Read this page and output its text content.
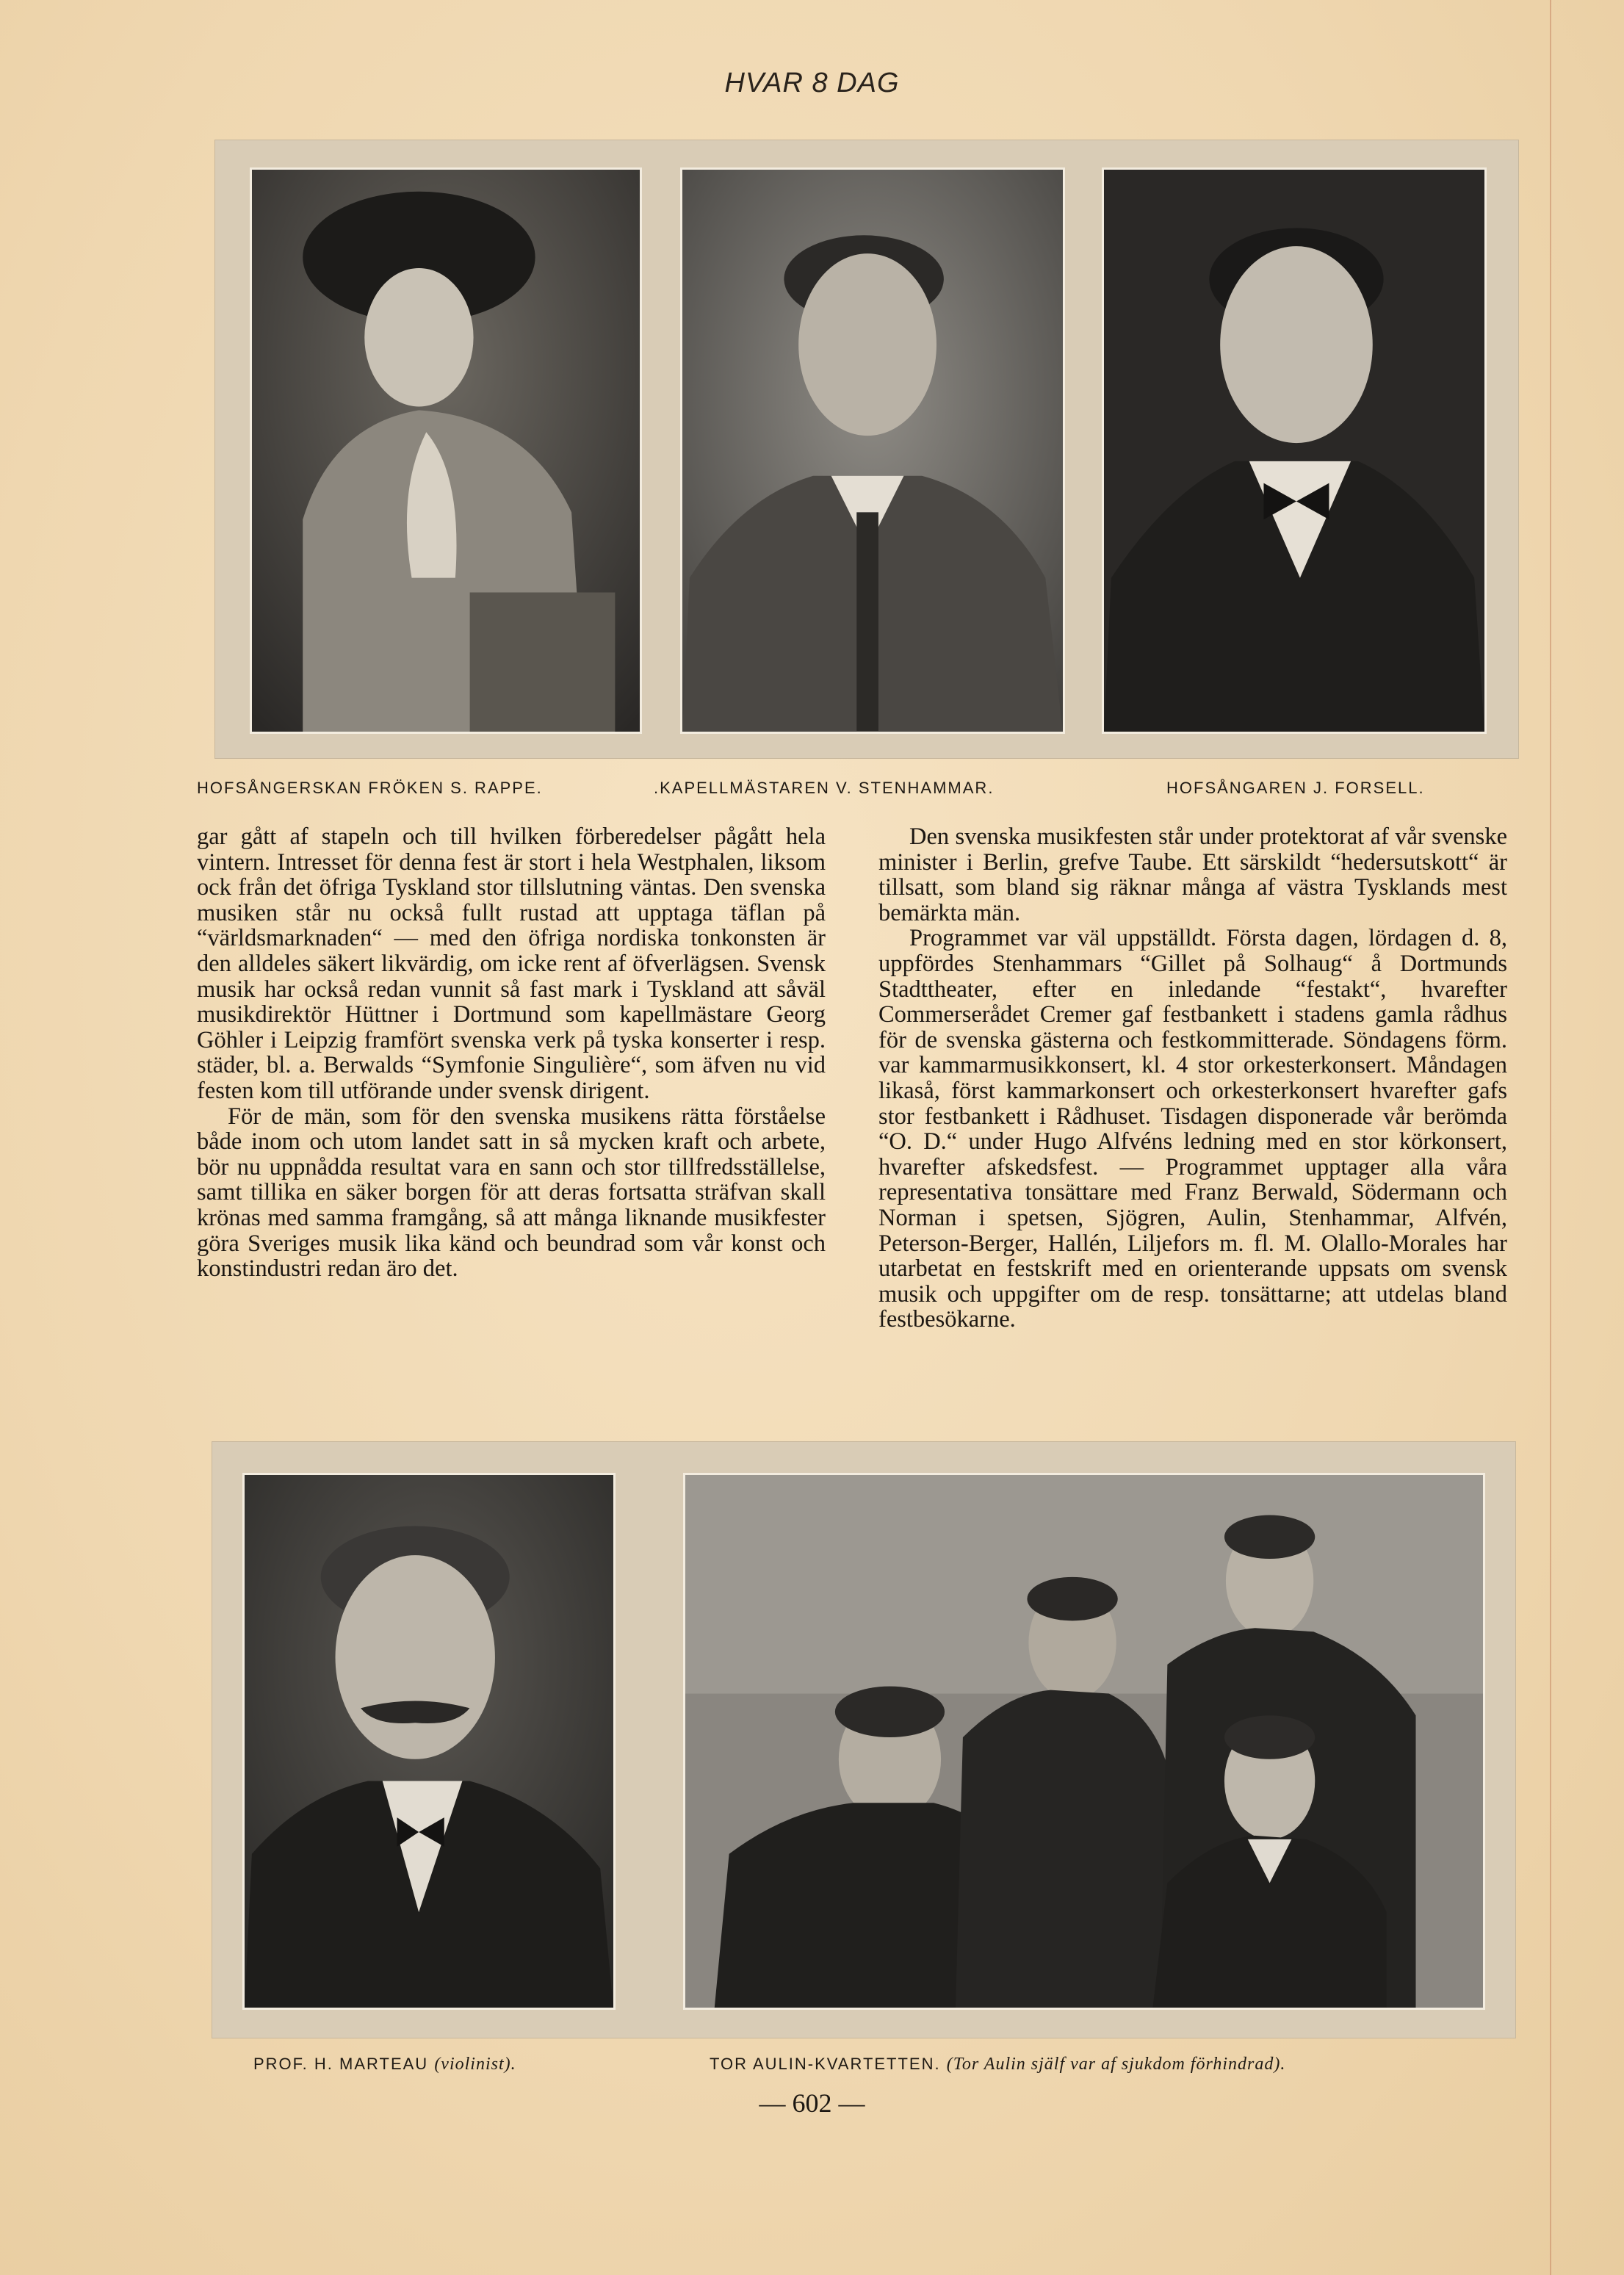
HVAR 8 DAG
HOFSÅNGERSKAN FRÖKEN S. RAPPE.	.KAPELLMÄSTAREN V. STENHAMMAR.	HOFSÅNGAREN J. FORSELL.

gar gått af stapeln och till hvilken förberedelser pågått hela vintern. Intresset för denna fest är stort i hela Westphalen, liksom ock från det öfriga Tyskland stor tillslutning väntas. Den svenska musiken står nu också fullt rustad att upptaga täflan på “världsmarknaden“ — med den öfriga nordiska tonkonsten är den alldeles säkert likvärdig, om icke rent af öfverlägsen. Svensk musik har också redan vunnit så fast mark i Tyskland att såväl musikdirektör Hüttner i Dortmund som kapellmästare Georg Göhler i Leipzig framfört svenska verk på tyska konserter i resp. städer, bl. a. Berwalds “Symfonie Singulière“, som äfven nu vid festen kom till utförande under svensk dirigent.

För de män, som för den svenska musikens rätta förståelse både inom och utom landet satt in så mycken kraft och arbete, bör nu uppnådda resultat vara en sann och stor tillfredsställelse, samt tillika en säker borgen för att deras fortsatta sträfvan skall krönas med samma framgång, så att många liknande musikfester göra Sveriges musik lika känd och beundrad som vår konst och konstindustri redan äro det.

Den svenska musikfesten står under protektorat af vår svenske minister i Berlin, grefve Taube. Ett särskildt “hedersutskott“ är tillsatt, som bland sig räknar många af västra Tysklands mest bemärkta män.

Programmet var väl uppställdt. Första dagen, lördagen d. 8, uppfördes Stenhammars “Gillet på Solhaug“ å Dortmunds Stadttheater, efter en inledande “festakt“, hvarefter Commerserådet Cremer gaf festbankett i stadens gamla rådhus för de svenska gästerna och festkommitterade. Söndagens förm. var kammarmusikkonsert, kl. 4 stor orkesterkonsert. Måndagen likaså, först kammarkonsert och orkesterkonsert hvarefter gafs stor festbankett i Rådhuset. Tisdagen disponerade vår berömda “O. D.“ under Hugo Alfvéns ledning med en stor körkonsert, hvarefter afskedsfest. — Programmet upptager alla våra representativa tonsättare med Franz Berwald, Södermann och Norman i spetsen, Sjögren, Aulin, Stenhammar, Alfvén, Peterson-Berger, Hallén, Liljefors m. fl. M. Olallo-Morales har utarbetat en festskrift med en orienterande uppsats om svensk musik och uppgifter om de resp. tonsättarne; att utdelas bland festbesökarne.

PROF. H. MARTEAU (violinist).	TOR AULIN-KVARTETTEN. (Tor Aulin själf var af sjukdom förhindrad).
— 602 —
